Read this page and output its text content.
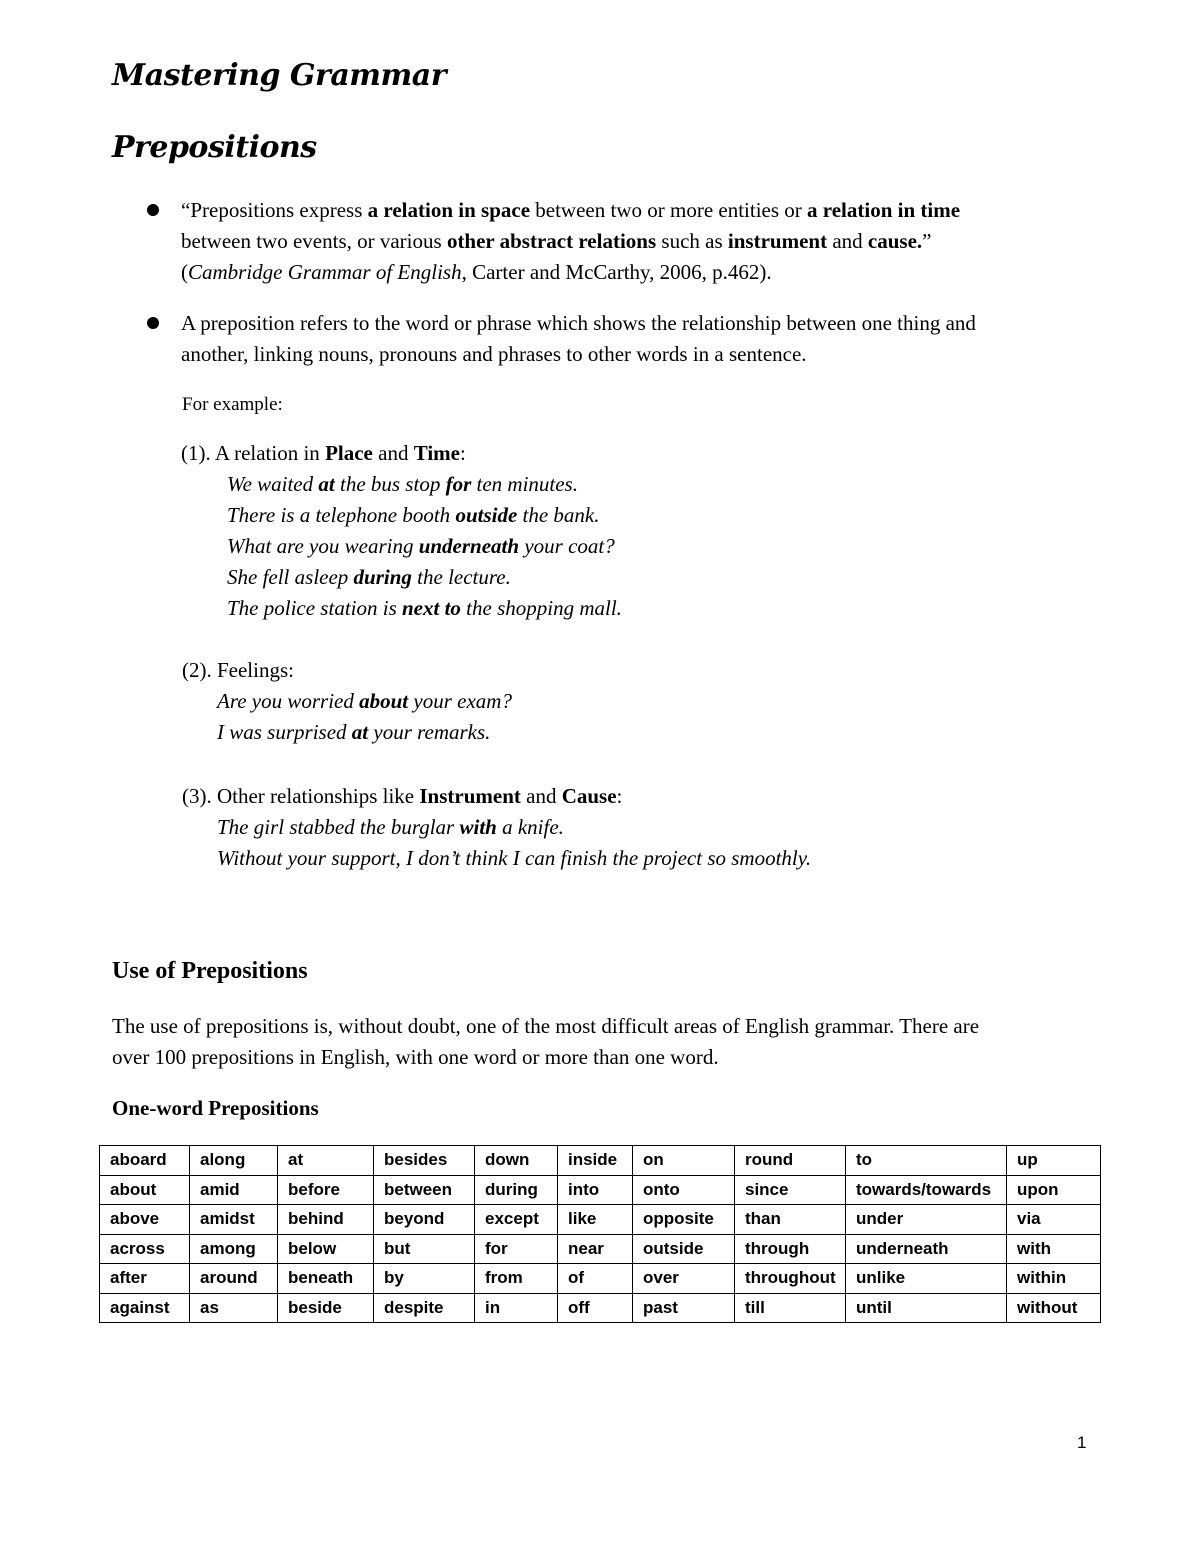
Mastering Grammar
Prepositions
“Prepositions express a relation in space between two or more entities or a relation in time
between two events, or various other abstract relations such as instrument and cause.”
(Cambridge Grammar of English, Carter and McCarthy, 2006, p.462).
A preposition refers to the word or phrase which shows the relationship between one thing and
another, linking nouns, pronouns and phrases to other words in a sentence.
For example:
(1). A relation in Place and Time:
We waited at the bus stop for ten minutes.
There is a telephone booth outside the bank.
What are you wearing underneath your coat?
She fell asleep during the lecture.
The police station is next to the shopping mall.
(2). Feelings:
Are you worried about your exam?
I was surprised at your remarks.
(3). Other relationships like Instrument and Cause:
The girl stabbed the burglar with a knife.
Without your support, I don’t think I can finish the project so smoothly.
Use of Prepositions
The use of prepositions is, without doubt, one of the most difficult areas of English grammar. There are
over 100 prepositions in English, with one word or more than one word.
One-word Prepositions
aboard	along	at	besides	down	inside	on	round	to	up
about	amid	before	between	during	into	onto	since	towards/towards	upon
above	amidst	behind	beyond	except	like	opposite	than	under	via
across	among	below	but	for	near	outside	through	underneath	with
after	around	beneath	by	from	of	over	throughout	unlike	within
against	as	beside	despite	in	off	past	till	until	without
1
